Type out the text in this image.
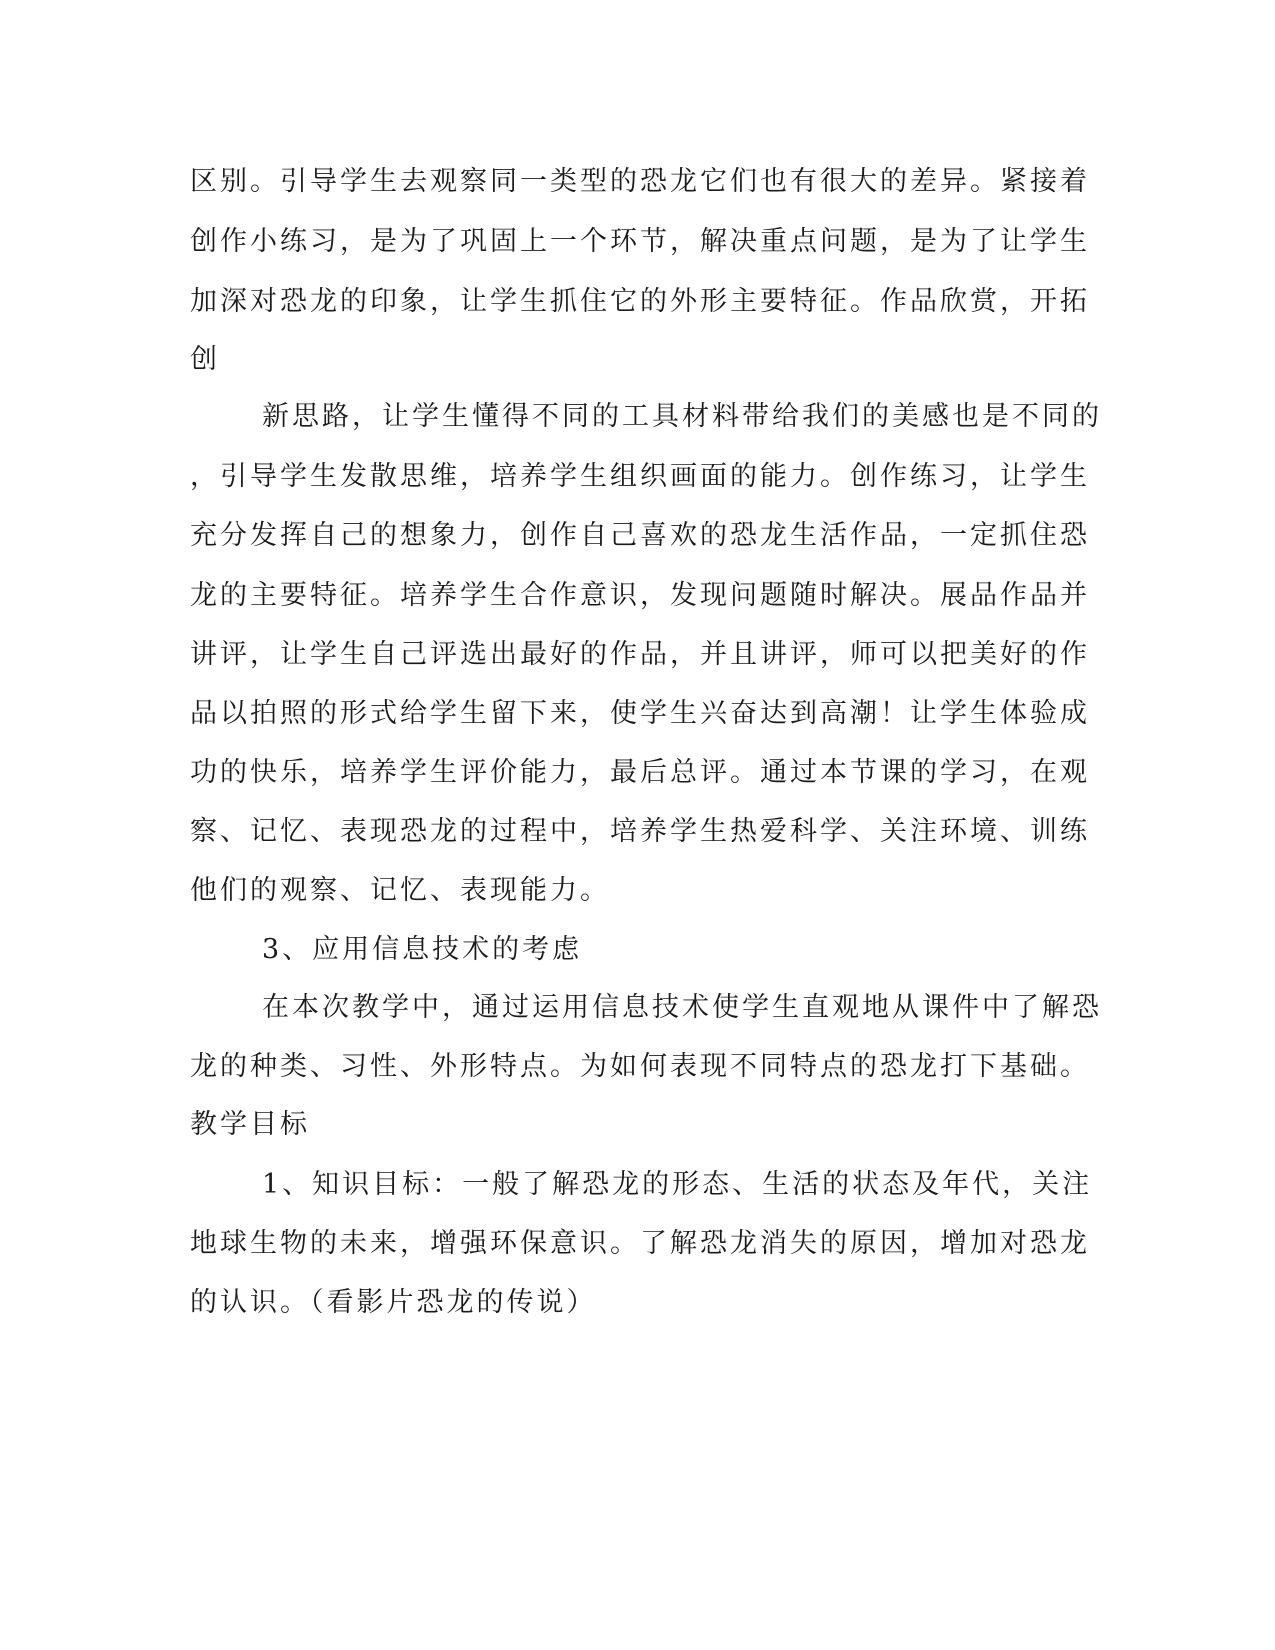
区别。引导学生去观察同一类型的恐龙它们也有很大的差异。紧接着
创作小练习，是为了巩固上一个环节，解决重点问题，是为了让学生
加深对恐龙的印象，让学生抓住它的外形主要特征。作品欣赏，开拓
创
新思路，让学生懂得不同的工具材料带给我们的美感也是不同的
，引导学生发散思维，培养学生组织画面的能力。创作练习，让学生
充分发挥自己的想象力，创作自己喜欢的恐龙生活作品，一定抓住恐
龙的主要特征。培养学生合作意识，发现问题随时解决。展品作品并
讲评，让学生自己评选出最好的作品，并且讲评，师可以把美好的作
品以拍照的形式给学生留下来，使学生兴奋达到高潮！让学生体验成
功的快乐，培养学生评价能力，最后总评。通过本节课的学习，在观
察、记忆、表现恐龙的过程中，培养学生热爱科学、关注环境、训练
他们的观察、记忆、表现能力。
3、应用信息技术的考虑
在本次教学中，通过运用信息技术使学生直观地从课件中了解恐
龙的种类、习性、外形特点。为如何表现不同特点的恐龙打下基础。
教学目标
1、知识目标：一般了解恐龙的形态、生活的状态及年代，关注
地球生物的未来，增强环保意识。了解恐龙消失的原因，增加对恐龙
的认识。（看影片恐龙的传说）
